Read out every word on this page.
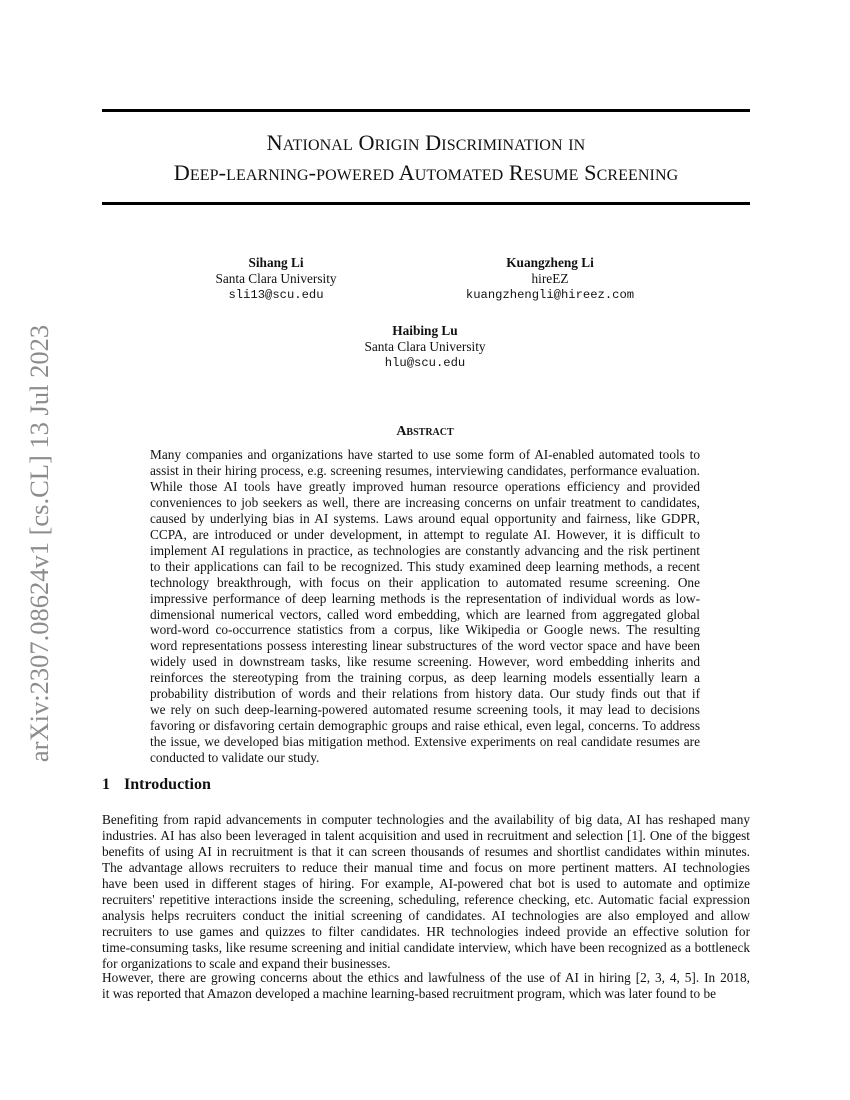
arXiv:2307.08624v1 [cs.CL] 13 Jul 2023
National Origin Discrimination in
Deep-learning-powered Automated Resume Screening
Sihang Li
Santa Clara University
sli13@scu.edu
Kuangzheng Li
hireEZ
kuangzhengli@hireez.com
Haibing Lu
Santa Clara University
hlu@scu.edu
Abstract
Many companies and organizations have started to use some form of AI-enabled automated tools to
assist in their hiring process, e.g. screening resumes, interviewing candidates, performance evaluation.
While those AI tools have greatly improved human resource operations efficiency and provided
conveniences to job seekers as well, there are increasing concerns on unfair treatment to candidates,
caused by underlying bias in AI systems. Laws around equal opportunity and fairness, like GDPR,
CCPA, are introduced or under development, in attempt to regulate AI. However, it is difficult to
implement AI regulations in practice, as technologies are constantly advancing and the risk pertinent
to their applications can fail to be recognized. This study examined deep learning methods, a recent
technology breakthrough, with focus on their application to automated resume screening. One
impressive performance of deep learning methods is the representation of individual words as low-
dimensional numerical vectors, called word embedding, which are learned from aggregated global
word-word co-occurrence statistics from a corpus, like Wikipedia or Google news. The resulting
word representations possess interesting linear substructures of the word vector space and have been
widely used in downstream tasks, like resume screening. However, word embedding inherits and
reinforces the stereotyping from the training corpus, as deep learning models essentially learn a
probability distribution of words and their relations from history data. Our study finds out that if
we rely on such deep-learning-powered automated resume screening tools, it may lead to decisions
favoring or disfavoring certain demographic groups and raise ethical, even legal, concerns. To address
the issue, we developed bias mitigation method. Extensive experiments on real candidate resumes are
conducted to validate our study.
1 Introduction
Benefiting from rapid advancements in computer technologies and the availability of big data, AI has reshaped many
industries. AI has also been leveraged in talent acquisition and used in recruitment and selection [1]. One of the biggest
benefits of using AI in recruitment is that it can screen thousands of resumes and shortlist candidates within minutes.
The advantage allows recruiters to reduce their manual time and focus on more pertinent matters. AI technologies
have been used in different stages of hiring. For example, AI-powered chat bot is used to automate and optimize
recruiters' repetitive interactions inside the screening, scheduling, reference checking, etc. Automatic facial expression
analysis helps recruiters conduct the initial screening of candidates. AI technologies are also employed and allow
recruiters to use games and quizzes to filter candidates. HR technologies indeed provide an effective solution for
time-consuming tasks, like resume screening and initial candidate interview, which have been recognized as a bottleneck
for organizations to scale and expand their businesses.
However, there are growing concerns about the ethics and lawfulness of the use of AI in hiring [2, 3, 4, 5]. In 2018,
it was reported that Amazon developed a machine learning-based recruitment program, which was later found to be
